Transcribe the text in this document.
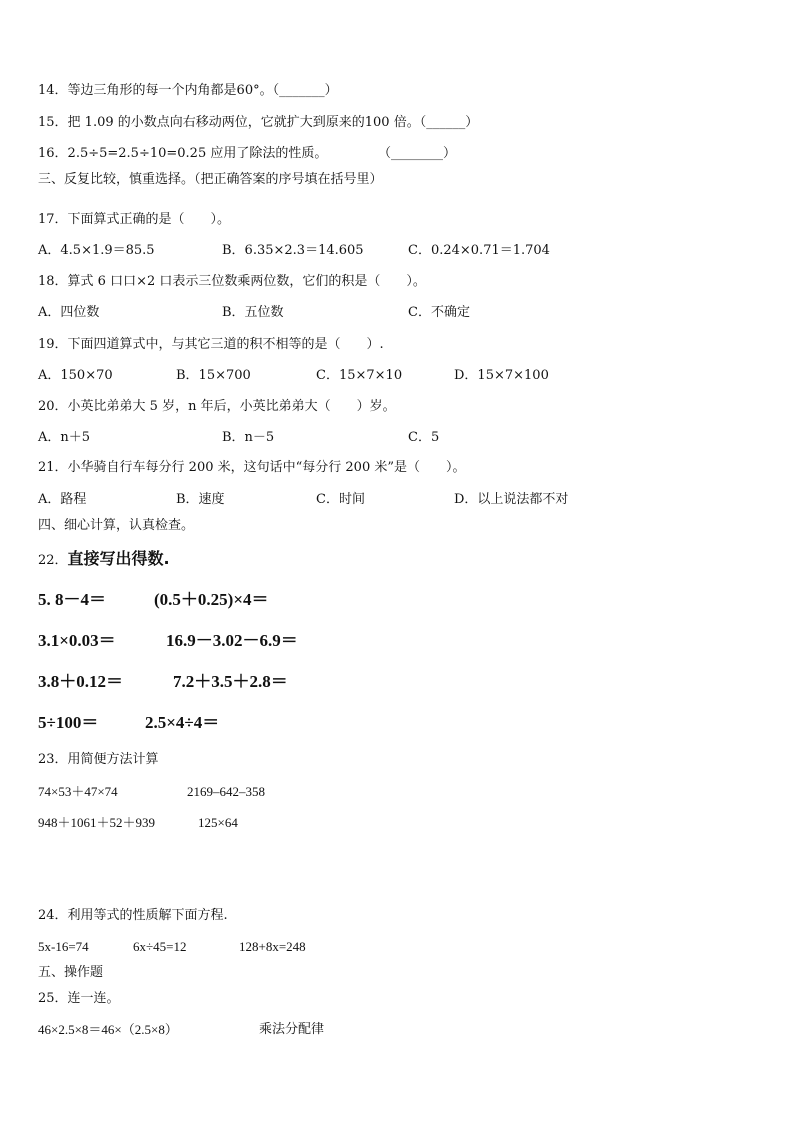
14．等边三角形的每一个内角都是60°。（_______）
15．把 1.09 的小数点向右移动两位，它就扩大到原来的100 倍。（______）
16．2.5÷5=2.5÷10=0.25 应用了除法的性质。	（________）
三、反复比较，慎重选择。（把正确答案的序号填在括号里）
17．下面算式正确的是（　　）。
A．4.5×1.9＝85.5	B．6.35×2.3＝14.605	C．0.24×0.71＝1.704
18．算式 6 口口×2 口表示三位数乘两位数，它们的积是（　　）。
A．四位数	B．五位数	C．不确定
19．下面四道算式中，与其它三道的积不相等的是（　　）.
A．150×70	B．15×700	C．15×7×10	D．15×7×100
20．小英比弟弟大 5 岁，n 年后，小英比弟弟大（　　）岁。
A．n＋5	B．n－5	C．5
21．小华骑自行车每分行 200 米，这句话中“每分行 200 米”是（　　）。
A．路程	B．速度	C．时间	D．以上说法都不对
四、细心计算，认真检查。
22．直接写出得数.
5. 8－4＝	(0.5＋0.25)×4＝
3.1×0.03＝	16.9－3.02－6.9＝
3.8＋0.12＝	7.2＋3.5＋2.8＝
5÷100＝	2.5×4÷4＝
23．用简便方法计算
74×53＋47×74	2169–642–358
948＋1061＋52＋939	125×64
24．利用等式的性质解下面方程.
5x-16=74	6x÷45=12	128+8x=248
五、操作题
25．连一连。
46×2.5×8＝46×（2.5×8）	乘法分配律
